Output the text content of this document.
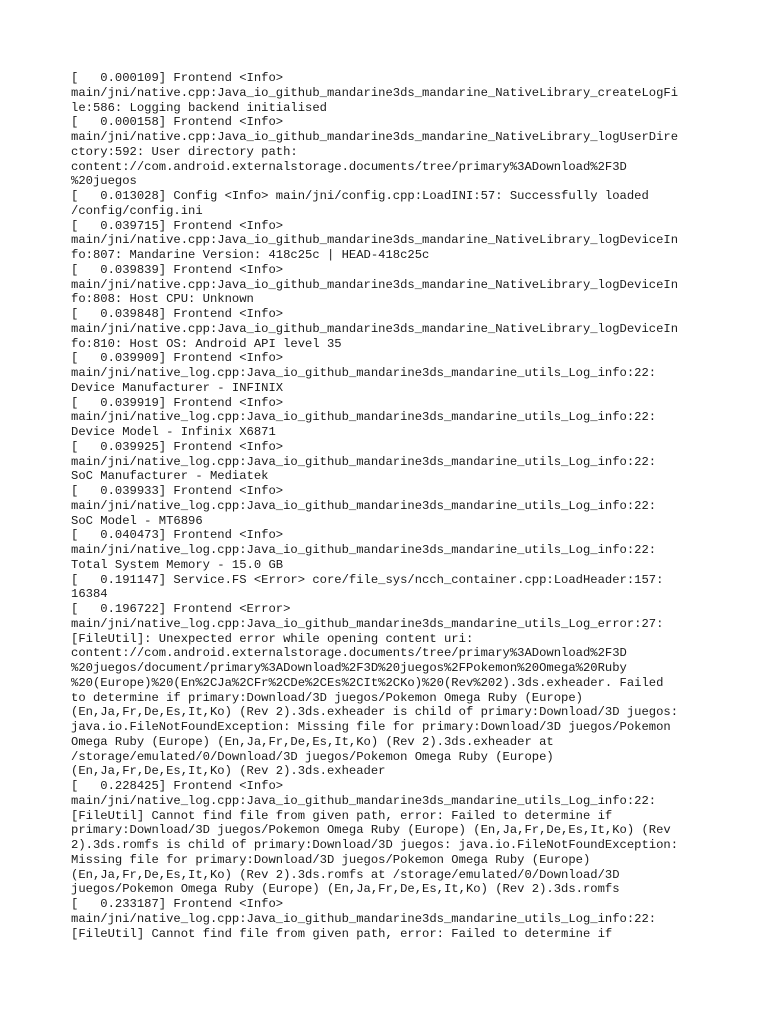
[   0.000109] Frontend <Info>
main/jni/native.cpp:Java_io_github_mandarine3ds_mandarine_NativeLibrary_createLogFi
le:586: Logging backend initialised
[   0.000158] Frontend <Info>
main/jni/native.cpp:Java_io_github_mandarine3ds_mandarine_NativeLibrary_logUserDire
ctory:592: User directory path:
content://com.android.externalstorage.documents/tree/primary%3ADownload%2F3D
%20juegos
[   0.013028] Config <Info> main/jni/config.cpp:LoadINI:57: Successfully loaded
/config/config.ini
[   0.039715] Frontend <Info>
main/jni/native.cpp:Java_io_github_mandarine3ds_mandarine_NativeLibrary_logDeviceIn
fo:807: Mandarine Version: 418c25c | HEAD-418c25c
[   0.039839] Frontend <Info>
main/jni/native.cpp:Java_io_github_mandarine3ds_mandarine_NativeLibrary_logDeviceIn
fo:808: Host CPU: Unknown
[   0.039848] Frontend <Info>
main/jni/native.cpp:Java_io_github_mandarine3ds_mandarine_NativeLibrary_logDeviceIn
fo:810: Host OS: Android API level 35
[   0.039909] Frontend <Info>
main/jni/native_log.cpp:Java_io_github_mandarine3ds_mandarine_utils_Log_info:22:
Device Manufacturer - INFINIX
[   0.039919] Frontend <Info>
main/jni/native_log.cpp:Java_io_github_mandarine3ds_mandarine_utils_Log_info:22:
Device Model - Infinix X6871
[   0.039925] Frontend <Info>
main/jni/native_log.cpp:Java_io_github_mandarine3ds_mandarine_utils_Log_info:22:
SoC Manufacturer - Mediatek
[   0.039933] Frontend <Info>
main/jni/native_log.cpp:Java_io_github_mandarine3ds_mandarine_utils_Log_info:22:
SoC Model - MT6896
[   0.040473] Frontend <Info>
main/jni/native_log.cpp:Java_io_github_mandarine3ds_mandarine_utils_Log_info:22:
Total System Memory - 15.0 GB
[   0.191147] Service.FS <Error> core/file_sys/ncch_container.cpp:LoadHeader:157:
16384
[   0.196722] Frontend <Error>
main/jni/native_log.cpp:Java_io_github_mandarine3ds_mandarine_utils_Log_error:27:
[FileUtil]: Unexpected error while opening content uri:
content://com.android.externalstorage.documents/tree/primary%3ADownload%2F3D
%20juegos/document/primary%3ADownload%2F3D%20juegos%2FPokemon%20Omega%20Ruby
%20(Europe)%20(En%2CJa%2CFr%2CDe%2CEs%2CIt%2CKo)%20(Rev%202).3ds.exheader. Failed
to determine if primary:Download/3D juegos/Pokemon Omega Ruby (Europe)
(En,Ja,Fr,De,Es,It,Ko) (Rev 2).3ds.exheader is child of primary:Download/3D juegos:
java.io.FileNotFoundException: Missing file for primary:Download/3D juegos/Pokemon
Omega Ruby (Europe) (En,Ja,Fr,De,Es,It,Ko) (Rev 2).3ds.exheader at
/storage/emulated/0/Download/3D juegos/Pokemon Omega Ruby (Europe)
(En,Ja,Fr,De,Es,It,Ko) (Rev 2).3ds.exheader
[   0.228425] Frontend <Info>
main/jni/native_log.cpp:Java_io_github_mandarine3ds_mandarine_utils_Log_info:22:
[FileUtil] Cannot find file from given path, error: Failed to determine if
primary:Download/3D juegos/Pokemon Omega Ruby (Europe) (En,Ja,Fr,De,Es,It,Ko) (Rev
2).3ds.romfs is child of primary:Download/3D juegos: java.io.FileNotFoundException:
Missing file for primary:Download/3D juegos/Pokemon Omega Ruby (Europe)
(En,Ja,Fr,De,Es,It,Ko) (Rev 2).3ds.romfs at /storage/emulated/0/Download/3D
juegos/Pokemon Omega Ruby (Europe) (En,Ja,Fr,De,Es,It,Ko) (Rev 2).3ds.romfs
[   0.233187] Frontend <Info>
main/jni/native_log.cpp:Java_io_github_mandarine3ds_mandarine_utils_Log_info:22:
[FileUtil] Cannot find file from given path, error: Failed to determine if
